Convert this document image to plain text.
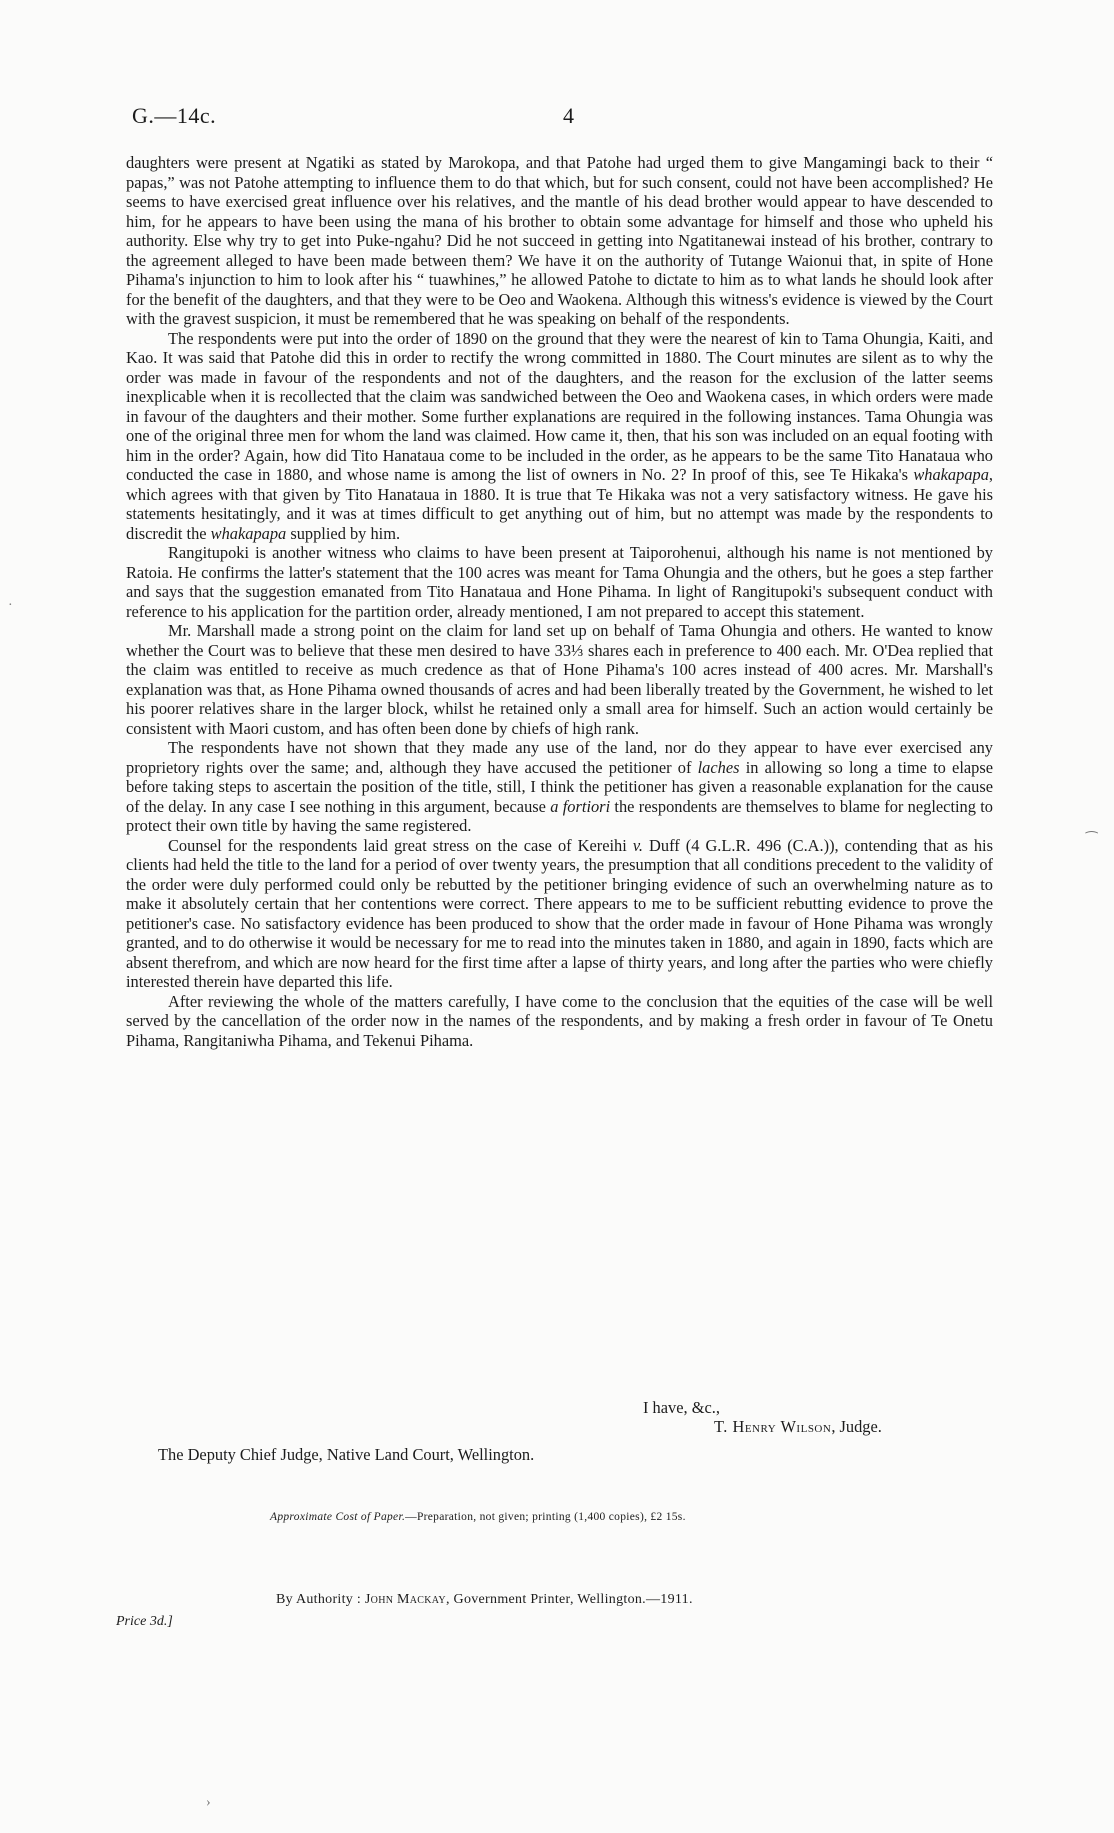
G.—14c.	4

daughters were present at Ngatiki as stated by Marokopa, and that Patohe had urged them to give Mangamingi back to their “ papas,” was not Patohe attempting to influence them to do that which, but for such consent, could not have been accomplished? He seems to have exercised great influence over his relatives, and the mantle of his dead brother would appear to have descended to him, for he appears to have been using the mana of his brother to obtain some advantage for himself and those who upheld his authority. Else why try to get into Puke-ngahu? Did he not succeed in getting into Ngatitanewai instead of his brother, contrary to the agreement alleged to have been made between them? We have it on the authority of Tutange Waionui that, in spite of Hone Pihama's injunction to him to look after his “ tuawhines,” he allowed Patohe to dictate to him as to what lands he should look after for the benefit of the daughters, and that they were to be Oeo and Waokena. Although this witness's evidence is viewed by the Court with the gravest suspicion, it must be remembered that he was speaking on behalf of the respondents.

The respondents were put into the order of 1890 on the ground that they were the nearest of kin to Tama Ohungia, Kaiti, and Kao. It was said that Patohe did this in order to rectify the wrong committed in 1880. The Court minutes are silent as to why the order was made in favour of the respondents and not of the daughters, and the reason for the exclusion of the latter seems inexplicable when it is recollected that the claim was sandwiched between the Oeo and Waokena cases, in which orders were made in favour of the daughters and their mother. Some further explanations are required in the following instances. Tama Ohungia was one of the original three men for whom the land was claimed. How came it, then, that his son was included on an equal footing with him in the order? Again, how did Tito Hanataua come to be included in the order, as he appears to be the same Tito Hanataua who conducted the case in 1880, and whose name is among the list of owners in No. 2? In proof of this, see Te Hikaka's whakapapa, which agrees with that given by Tito Hanataua in 1880. It is true that Te Hikaka was not a very satisfactory witness. He gave his statements hesitatingly, and it was at times difficult to get anything out of him, but no attempt was made by the respondents to discredit the whakapapa supplied by him.

Rangitupoki is another witness who claims to have been present at Taiporohenui, although his name is not mentioned by Ratoia. He confirms the latter's statement that the 100 acres was meant for Tama Ohungia and the others, but he goes a step farther and says that the suggestion emanated from Tito Hanataua and Hone Pihama. In light of Rangitupoki's subsequent conduct with reference to his application for the partition order, already mentioned, I am not prepared to accept this statement.

Mr. Marshall made a strong point on the claim for land set up on behalf of Tama Ohungia and others. He wanted to know whether the Court was to believe that these men desired to have 33⅓ shares each in preference to 400 each. Mr. O'Dea replied that the claim was entitled to receive as much credence as that of Hone Pihama's 100 acres instead of 400 acres. Mr. Marshall's explanation was that, as Hone Pihama owned thousands of acres and had been liberally treated by the Government, he wished to let his poorer relatives share in the larger block, whilst he retained only a small area for himself. Such an action would certainly be consistent with Maori custom, and has often been done by chiefs of high rank.

The respondents have not shown that they made any use of the land, nor do they appear to have ever exercised any proprietory rights over the same; and, although they have accused the petitioner of laches in allowing so long a time to elapse before taking steps to ascertain the position of the title, still, I think the petitioner has given a reasonable explanation for the cause of the delay. In any case I see nothing in this argument, because a fortiori the respondents are themselves to blame for neglecting to protect their own title by having the same registered.

Counsel for the respondents laid great stress on the case of Kereihi v. Duff (4 G.L.R. 496 (C.A.)), contending that as his clients had held the title to the land for a period of over twenty years, the presumption that all conditions precedent to the validity of the order were duly performed could only be rebutted by the petitioner bringing evidence of such an overwhelming nature as to make it absolutely certain that her contentions were correct. There appears to me to be sufficient rebutting evidence to prove the petitioner's case. No satisfactory evidence has been produced to show that the order made in favour of Hone Pihama was wrongly granted, and to do otherwise it would be necessary for me to read into the minutes taken in 1880, and again in 1890, facts which are absent therefrom, and which are now heard for the first time after a lapse of thirty years, and long after the parties who were chiefly interested therein have departed this life.

After reviewing the whole of the matters carefully, I have come to the conclusion that the equities of the case will be well served by the cancellation of the order now in the names of the respondents, and by making a fresh order in favour of Te Onetu Pihama, Rangitaniwha Pihama, and Tekenui Pihama.

I have, &c.,
T. Henry Wilson, Judge.
The Deputy Chief Judge, Native Land Court, Wellington.
Approximate Cost of Paper.—Preparation, not given; printing (1,400 copies), £2 15s.
By Authority : John Mackay, Government Printer, Wellington.—1911.
Price 3d.]
⁀
·
›
